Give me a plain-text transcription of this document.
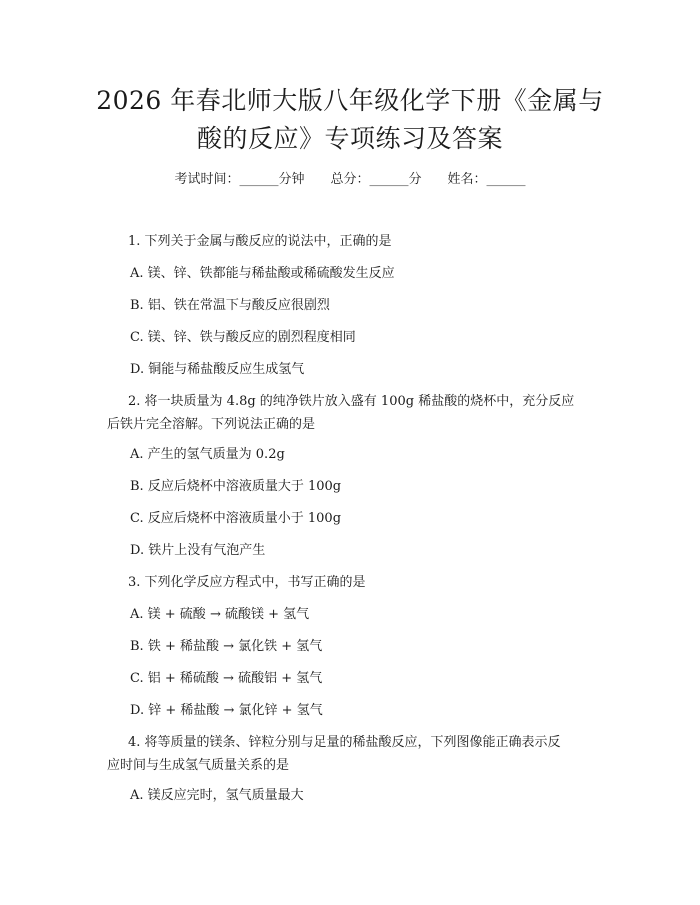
2026 年春北师大版八年级化学下册《金属与
酸的反应》专项练习及答案
考试时间：______分钟 总分：______分 姓名：______
1. 下列关于金属与酸反应的说法中，正确的是
A. 镁、锌、铁都能与稀盐酸或稀硫酸发生反应
B. 铝、铁在常温下与酸反应很剧烈
C. 镁、锌、铁与酸反应的剧烈程度相同
D. 铜能与稀盐酸反应生成氢气
2. 将一块质量为 4.8g 的纯净铁片放入盛有 100g 稀盐酸的烧杯中，充分反应
后铁片完全溶解。下列说法正确的是
A. 产生的氢气质量为 0.2g
B. 反应后烧杯中溶液质量大于 100g
C. 反应后烧杯中溶液质量小于 100g
D. 铁片上没有气泡产生
3. 下列化学反应方程式中，书写正确的是
A. 镁 + 硫酸 → 硫酸镁 + 氢气
B. 铁 + 稀盐酸 → 氯化铁 + 氢气
C. 铝 + 稀硫酸 → 硫酸铝 + 氢气
D. 锌 + 稀盐酸 → 氯化锌 + 氢气
4. 将等质量的镁条、锌粒分别与足量的稀盐酸反应，下列图像能正确表示反
应时间与生成氢气质量关系的是
A. 镁反应完时，氢气质量最大
